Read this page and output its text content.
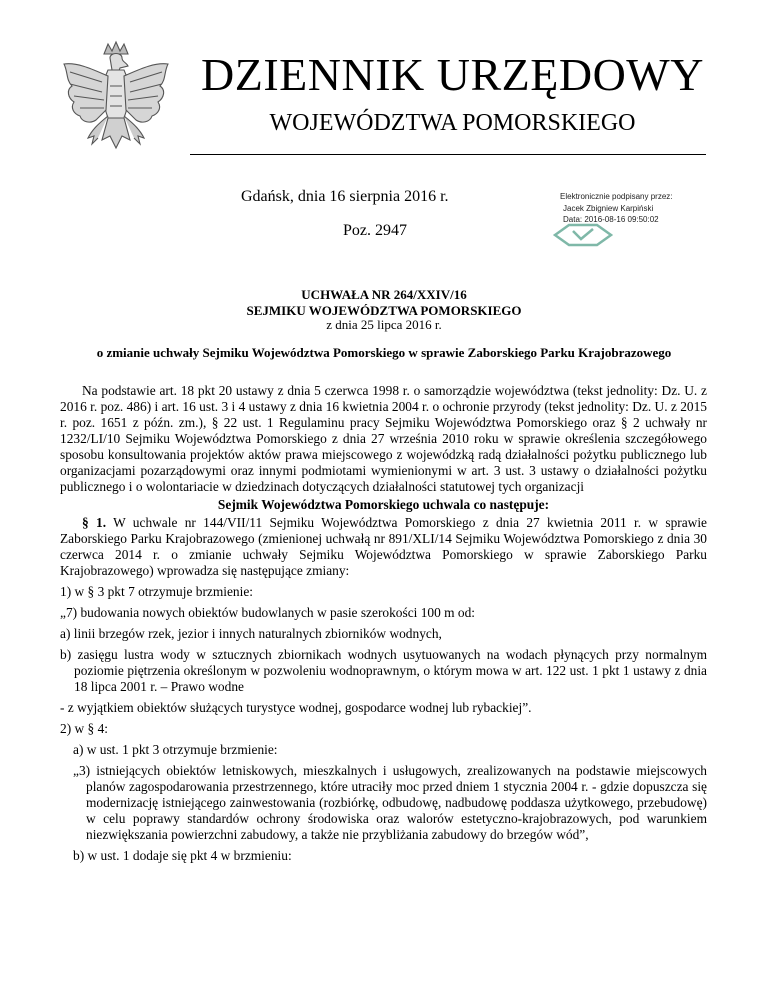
DZIENNIK URZĘDOWY
WOJEWÓDZTWA POMORSKIEGO
Gdańsk, dnia 16 sierpnia 2016 r.
Poz. 2947
Elektronicznie podpisany przez:
Jacek Zbigniew Karpiński
Data: 2016-08-16 09:50:02
UCHWAŁA NR 264/XXIV/16
SEJMIKU WOJEWÓDZTWA POMORSKIEGO
z dnia 25 lipca 2016 r.
o zmianie uchwały Sejmiku Województwa Pomorskiego w sprawie Zaborskiego Parku Krajobrazowego

Na podstawie art. 18 pkt 20 ustawy z dnia 5 czerwca 1998 r. o samorządzie województwa (tekst jednolity: Dz. U. z 2016 r. poz. 486) i art. 16 ust. 3 i 4 ustawy z dnia 16 kwietnia 2004 r. o ochronie przyrody (tekst jednolity: Dz. U. z 2015 r. poz. 1651 z późn. zm.), § 22 ust. 1 Regulaminu pracy Sejmiku Województwa Pomorskiego oraz § 2 uchwały nr 1232/LI/10 Sejmiku Województwa Pomorskiego z dnia 27 września 2010 roku w sprawie określenia szczegółowego sposobu konsultowania projektów aktów prawa miejscowego z wojewódzką radą działalności pożytku publicznego lub organizacjami pozarządowymi oraz innymi podmiotami wymienionymi w art. 3 ust. 3 ustawy o działalności pożytku publicznego i o wolontariacie w dziedzinach dotyczących działalności statutowej tych organizacji

Sejmik Województwa Pomorskiego uchwala co następuje:

§ 1. W uchwale nr 144/VII/11 Sejmiku Województwa Pomorskiego z dnia 27 kwietnia 2011 r. w sprawie Zaborskiego Parku Krajobrazowego (zmienionej uchwałą nr 891/XLI/14 Sejmiku Województwa Pomorskiego z dnia 30 czerwca 2014 r. o zmianie uchwały Sejmiku Województwa Pomorskiego w sprawie Zaborskiego Parku Krajobrazowego) wprowadza się następujące zmiany:

1) w § 3 pkt 7 otrzymuje brzmienie:

„7) budowania nowych obiektów budowlanych w pasie szerokości 100 m od:

a) linii brzegów rzek, jezior i innych naturalnych zbiorników wodnych,

b) zasięgu lustra wody w sztucznych zbiornikach wodnych usytuowanych na wodach płynących przy normalnym poziomie piętrzenia określonym w pozwoleniu wodnoprawnym, o którym mowa w art. 122 ust. 1 pkt 1 ustawy z dnia 18 lipca 2001 r. – Prawo wodne

- z wyjątkiem obiektów służących turystyce wodnej, gospodarce wodnej lub rybackiej”.

2) w § 4:

a) w ust. 1 pkt 3 otrzymuje brzmienie:

„3) istniejących obiektów letniskowych, mieszkalnych i usługowych, zrealizowanych na podstawie miejscowych planów zagospodarowania przestrzennego, które utraciły moc przed dniem 1 stycznia 2004 r. - gdzie dopuszcza się modernizację istniejącego zainwestowania (rozbiórkę, odbudowę, nadbudowę poddasza użytkowego, przebudowę) w celu poprawy standardów ochrony środowiska oraz walorów estetyczno-krajobrazowych, pod warunkiem niezwiększania powierzchni zabudowy, a także nie przybliżania zabudowy do brzegów wód”,

b) w ust. 1 dodaje się pkt 4 w brzmieniu:
